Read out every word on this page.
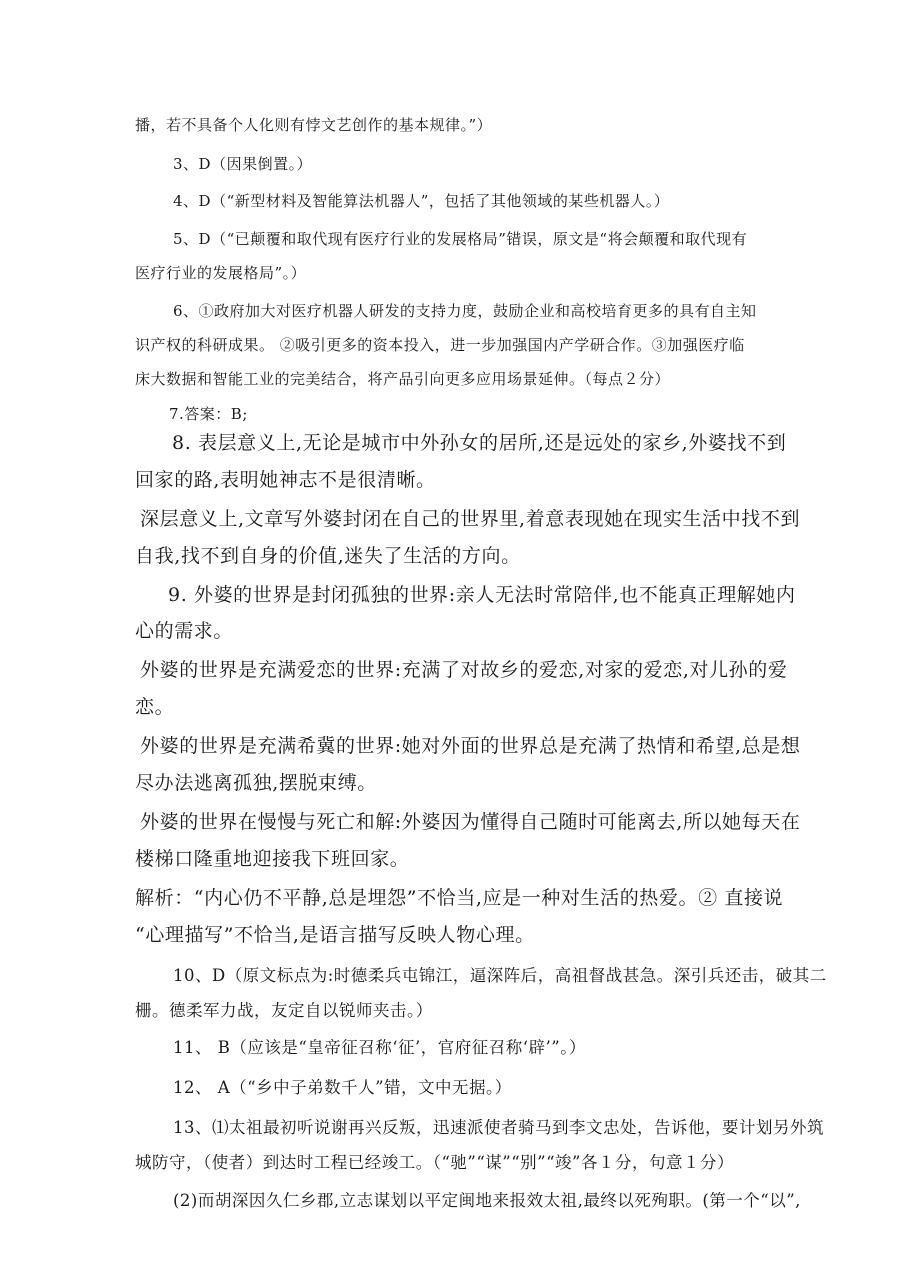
播，若不具备个人化则有悖文艺创作的基本规律。”）

3、D（因果倒置。）

4、D（“新型材料及智能算法机器人”，包括了其他领域的某些机器人。）

5、D（“已颠覆和取代现有医疗行业的发展格局”错误，原文是“将会颠覆和取代现有

医疗行业的发展格局”。）

6、①政府加大对医疗机器人研发的支持力度，鼓励企业和高校培育更多的具有自主知

识产权的科研成果。 ②吸引更多的资本投入，进一步加强国内产学研合作。③加强医疗临

床大数据和智能工业的完美结合，将产品引向更多应用场景延伸。（每点２分）

7.答案：B;

8. 表层意义上,无论是城市中外孙女的居所,还是远处的家乡,外婆找不到

回家的路,表明她神志不是很清晰。

深层意义上,文章写外婆封闭在自己的世界里,着意表现她在现实生活中找不到

自我,找不到自身的价值,迷失了生活的方向。

9. 外婆的世界是封闭孤独的世界:亲人无法时常陪伴,也不能真正理解她内

心的需求。

外婆的世界是充满爱恋的世界:充满了对故乡的爱恋,对家的爱恋,对儿孙的爱

恋。

外婆的世界是充满希冀的世界:她对外面的世界总是充满了热情和希望,总是想

尽办法逃离孤独,摆脱束缚。

外婆的世界在慢慢与死亡和解:外婆因为懂得自己随时可能离去,所以她每天在

楼梯口隆重地迎接我下班回家。

解析：“内心仍不平静,总是埋怨”不恰当,应是一种对生活的热爱。② 直接说

“心理描写”不恰当,是语言描写反映人物心理。

10、D（原文标点为:时德柔兵屯锦江，逼深阵后，高祖督战甚急。深引兵还击，破其二

栅。德柔军力战，友定自以锐师夹击。）

11、 B（应该是“皇帝征召称‘征’，官府征召称‘辟’”。）

12、 A（“乡中子弟数千人”错，文中无据。）

13、⑴太祖最初听说谢再兴反叛，迅速派使者骑马到李文忠处，告诉他，要计划另外筑

城防守，（使者）到达时工程已经竣工。（“驰”“谋”“别”“竣”各１分，句意１分）

(2)而胡深因久仁乡郡,立志谋划以平定闽地来报效太祖,最终以死殉职。(第一个“以”,
